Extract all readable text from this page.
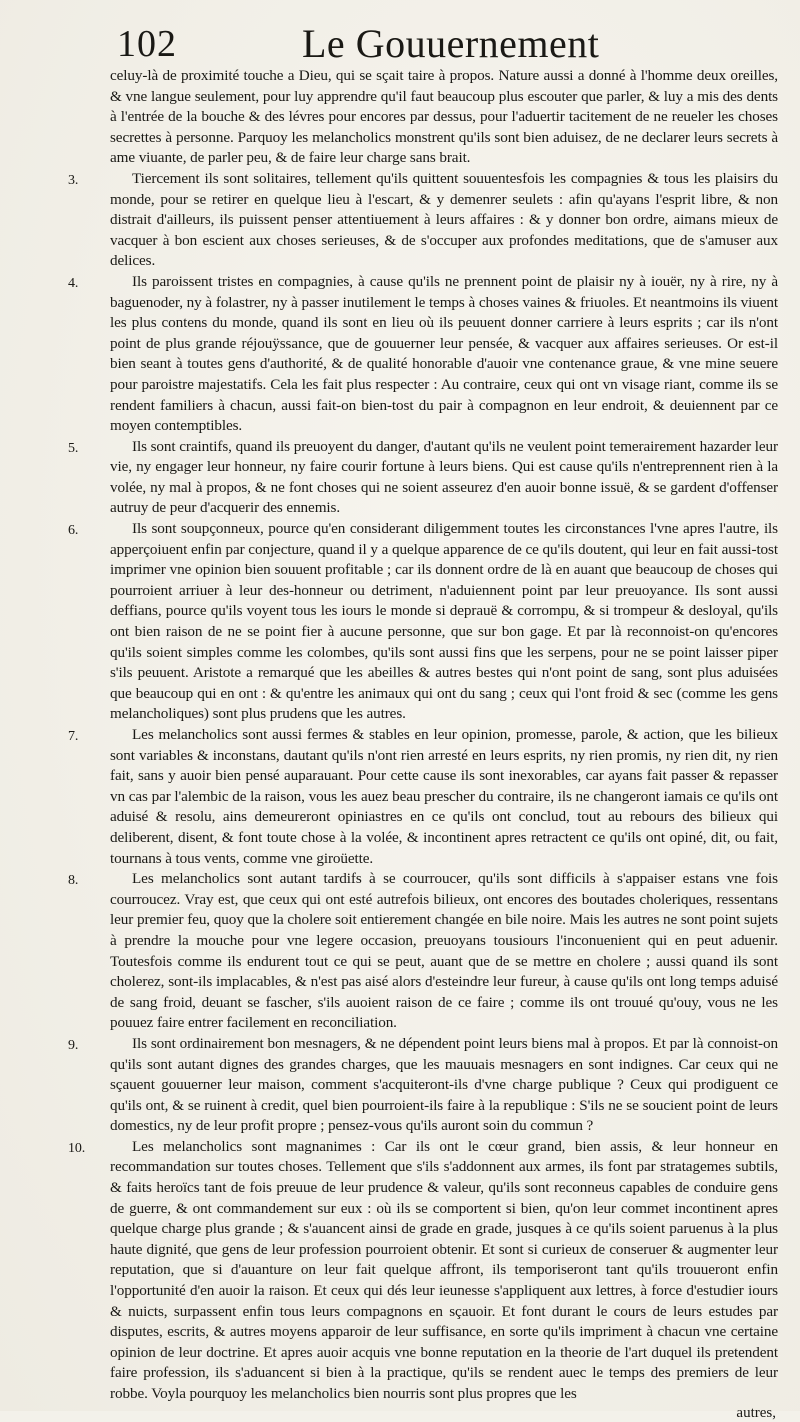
102	Le Gouuernement

celuy-là de proximité touche a Dieu, qui se sçait taire à propos. Nature aussi a donné à l'homme deux oreilles, & vne langue seulement, pour luy apprendre qu'il faut beaucoup plus escouter que parler, & luy a mis des dents à l'entrée de la bouche & des lévres pour encores par dessus, pour l'aduertir tacitement de ne reueler les choses secrettes à personne. Parquoy les melancholics monstrent qu'ils sont bien aduisez, de ne declarer leurs secrets à ame viuante, de parler peu, & de faire leur charge sans brait.

3.	Tiercement ils sont solitaires, tellement qu'ils quittent souuentesfois les compagnies & tous les plaisirs du monde, pour se retirer en quelque lieu à l'escart, & y demenrer seulets : afin qu'ayans l'esprit libre, & non distrait d'ailleurs, ils puissent penser attentiuement à leurs affaires : & y donner bon ordre, aimans mieux de vacquer à bon escient aux choses serieuses, & de s'occuper aux profondes meditations, que de s'amuser aux delices.

4.	Ils paroissent tristes en compagnies, à cause qu'ils ne prennent point de plaisir ny à iouër, ny à rire, ny à baguenoder, ny à folastrer, ny à passer inutilement le temps à choses vaines & friuoles. Et neantmoins ils viuent les plus contens du monde, quand ils sont en lieu où ils peuuent donner carriere à leurs esprits ; car ils n'ont point de plus grande réjouÿssance, que de gouuerner leur pensée, & vacquer aux affaires serieuses. Or est-il bien seant à toutes gens d'authorité, & de qualité honorable d'auoir vne contenance graue, & vne mine seuere pour paroistre majestatifs. Cela les fait plus respecter : Au contraire, ceux qui ont vn visage riant, comme ils se rendent familiers à chacun, aussi fait-on bien-tost du pair à compagnon en leur endroit, & deuiennent par ce moyen contemptibles.

5.	Ils sont craintifs, quand ils preuoyent du danger, d'autant qu'ils ne veulent point temerairement hazarder leur vie, ny engager leur honneur, ny faire courir fortune à leurs biens. Qui est cause qu'ils n'entreprennent rien à la volée, ny mal à propos, & ne font choses qui ne soient asseurez d'en auoir bonne issuë, & se gardent d'offenser autruy de peur d'acquerir des ennemis.

6.	Ils sont soupçonneux, pource qu'en considerant diligemment toutes les circonstances l'vne apres l'autre, ils apperçoiuent enfin par conjecture, quand il y a quelque apparence de ce qu'ils doutent, qui leur en fait aussi-tost imprimer vne opinion bien souuent profitable ; car ils donnent ordre de là en auant que beaucoup de choses qui pourroient arriuer à leur des-honneur ou detriment, n'aduiennent point par leur preuoyance. Ils sont aussi deffians, pource qu'ils voyent tous les iours le monde si deprauë & corrompu, & si trompeur & desloyal, qu'ils ont bien raison de ne se point fier à aucune personne, que sur bon gage. Et par là reconnoist-on qu'encores qu'ils soient simples comme les colombes, qu'ils sont aussi fins que les serpens, pour ne se point laisser piper s'ils peuuent. Aristote a remarqué que les abeilles & autres bestes qui n'ont point de sang, sont plus aduisées que beaucoup qui en ont : & qu'entre les animaux qui ont du sang ; ceux qui l'ont froid & sec (comme les gens melancholiques) sont plus prudens que les autres.

7.	Les melancholics sont aussi fermes & stables en leur opinion, promesse, parole, & action, que les bilieux sont variables & inconstans, dautant qu'ils n'ont rien arresté en leurs esprits, ny rien promis, ny rien dit, ny rien fait, sans y auoir bien pensé auparauant. Pour cette cause ils sont inexorables, car ayans fait passer & repasser vn cas par l'alembic de la raison, vous les auez beau prescher du contraire, ils ne changeront iamais ce qu'ils ont aduisé & resolu, ains demeureront opiniastres en ce qu'ils ont conclud, tout au rebours des bilieux qui deliberent, disent, & font toute chose à la volée, & incontinent apres retractent ce qu'ils ont opiné, dit, ou fait, tournans à tous vents, comme vne giroüette.

8.	Les melancholics sont autant tardifs à se courroucer, qu'ils sont difficils à s'appaiser estans vne fois courroucez. Vray est, que ceux qui ont esté autrefois bilieux, ont encores des boutades choleriques, ressentans leur premier feu, quoy que la cholere soit entierement changée en bile noire. Mais les autres ne sont point sujets à prendre la mouche pour vne legere occasion, preuoyans tousiours l'inconuenient qui en peut aduenir. Toutesfois comme ils endurent tout ce qui se peut, auant que de se mettre en cholere ; aussi quand ils sont cholerez, sont-ils implacables, & n'est pas aisé alors d'esteindre leur fureur, à cause qu'ils ont long temps aduisé de sang froid, deuant se fascher, s'ils auoient raison de ce faire ; comme ils ont trouué qu'ouy, vous ne les pouuez faire entrer facilement en reconciliation.

9.	Ils sont ordinairement bon mesnagers, & ne dépendent point leurs biens mal à propos. Et par là connoist-on qu'ils sont autant dignes des grandes charges, que les mauuais mesnagers en sont indignes. Car ceux qui ne sçauent gouuerner leur maison, comment s'acquiteront-ils d'vne charge publique ? Ceux qui prodiguent ce qu'ils ont, & se ruinent à credit, quel bien pourroient-ils faire à la republique : S'ils ne se soucient point de leurs domestics, ny de leur profit propre ; pensez-vous qu'ils auront soin du commun ?

10.	Les melancholics sont magnanimes : Car ils ont le cœur grand, bien assis, & leur honneur en recommandation sur toutes choses. Tellement que s'ils s'addonnent aux armes, ils font par stratagemes subtils, & faits heroïcs tant de fois preuue de leur prudence & valeur, qu'ils sont reconneus capables de conduire gens de guerre, & ont commandement sur eux : où ils se comportent si bien, qu'on leur commet incontinent apres quelque charge plus grande ; & s'auancent ainsi de grade en grade, jusques à ce qu'ils soient paruenus à la plus haute dignité, que gens de leur profession pourroient obtenir. Et sont si curieux de conseruer & augmenter leur reputation, que si d'auanture on leur fait quelque affront, ils temporiseront tant qu'ils trouueront enfin l'opportunité d'en auoir la raison. Et ceux qui dés leur ieunesse s'appliquent aux lettres, à force d'estudier iours & nuicts, surpassent enfin tous leurs compagnons en sçauoir. Et font durant le cours de leurs estudes par disputes, escrits, & autres moyens apparoir de leur suffisance, en sorte qu'ils impriment à chacun vne certaine opinion de leur doctrine. Et apres auoir acquis vne bonne reputation en la theorie de l'art duquel ils pretendent faire profession, ils s'aduancent si bien à la practique, qu'ils se rendent auec le temps des premiers de leur robbe. Voyla pourquoy les melancholics bien nourris sont plus propres que les

autres,
